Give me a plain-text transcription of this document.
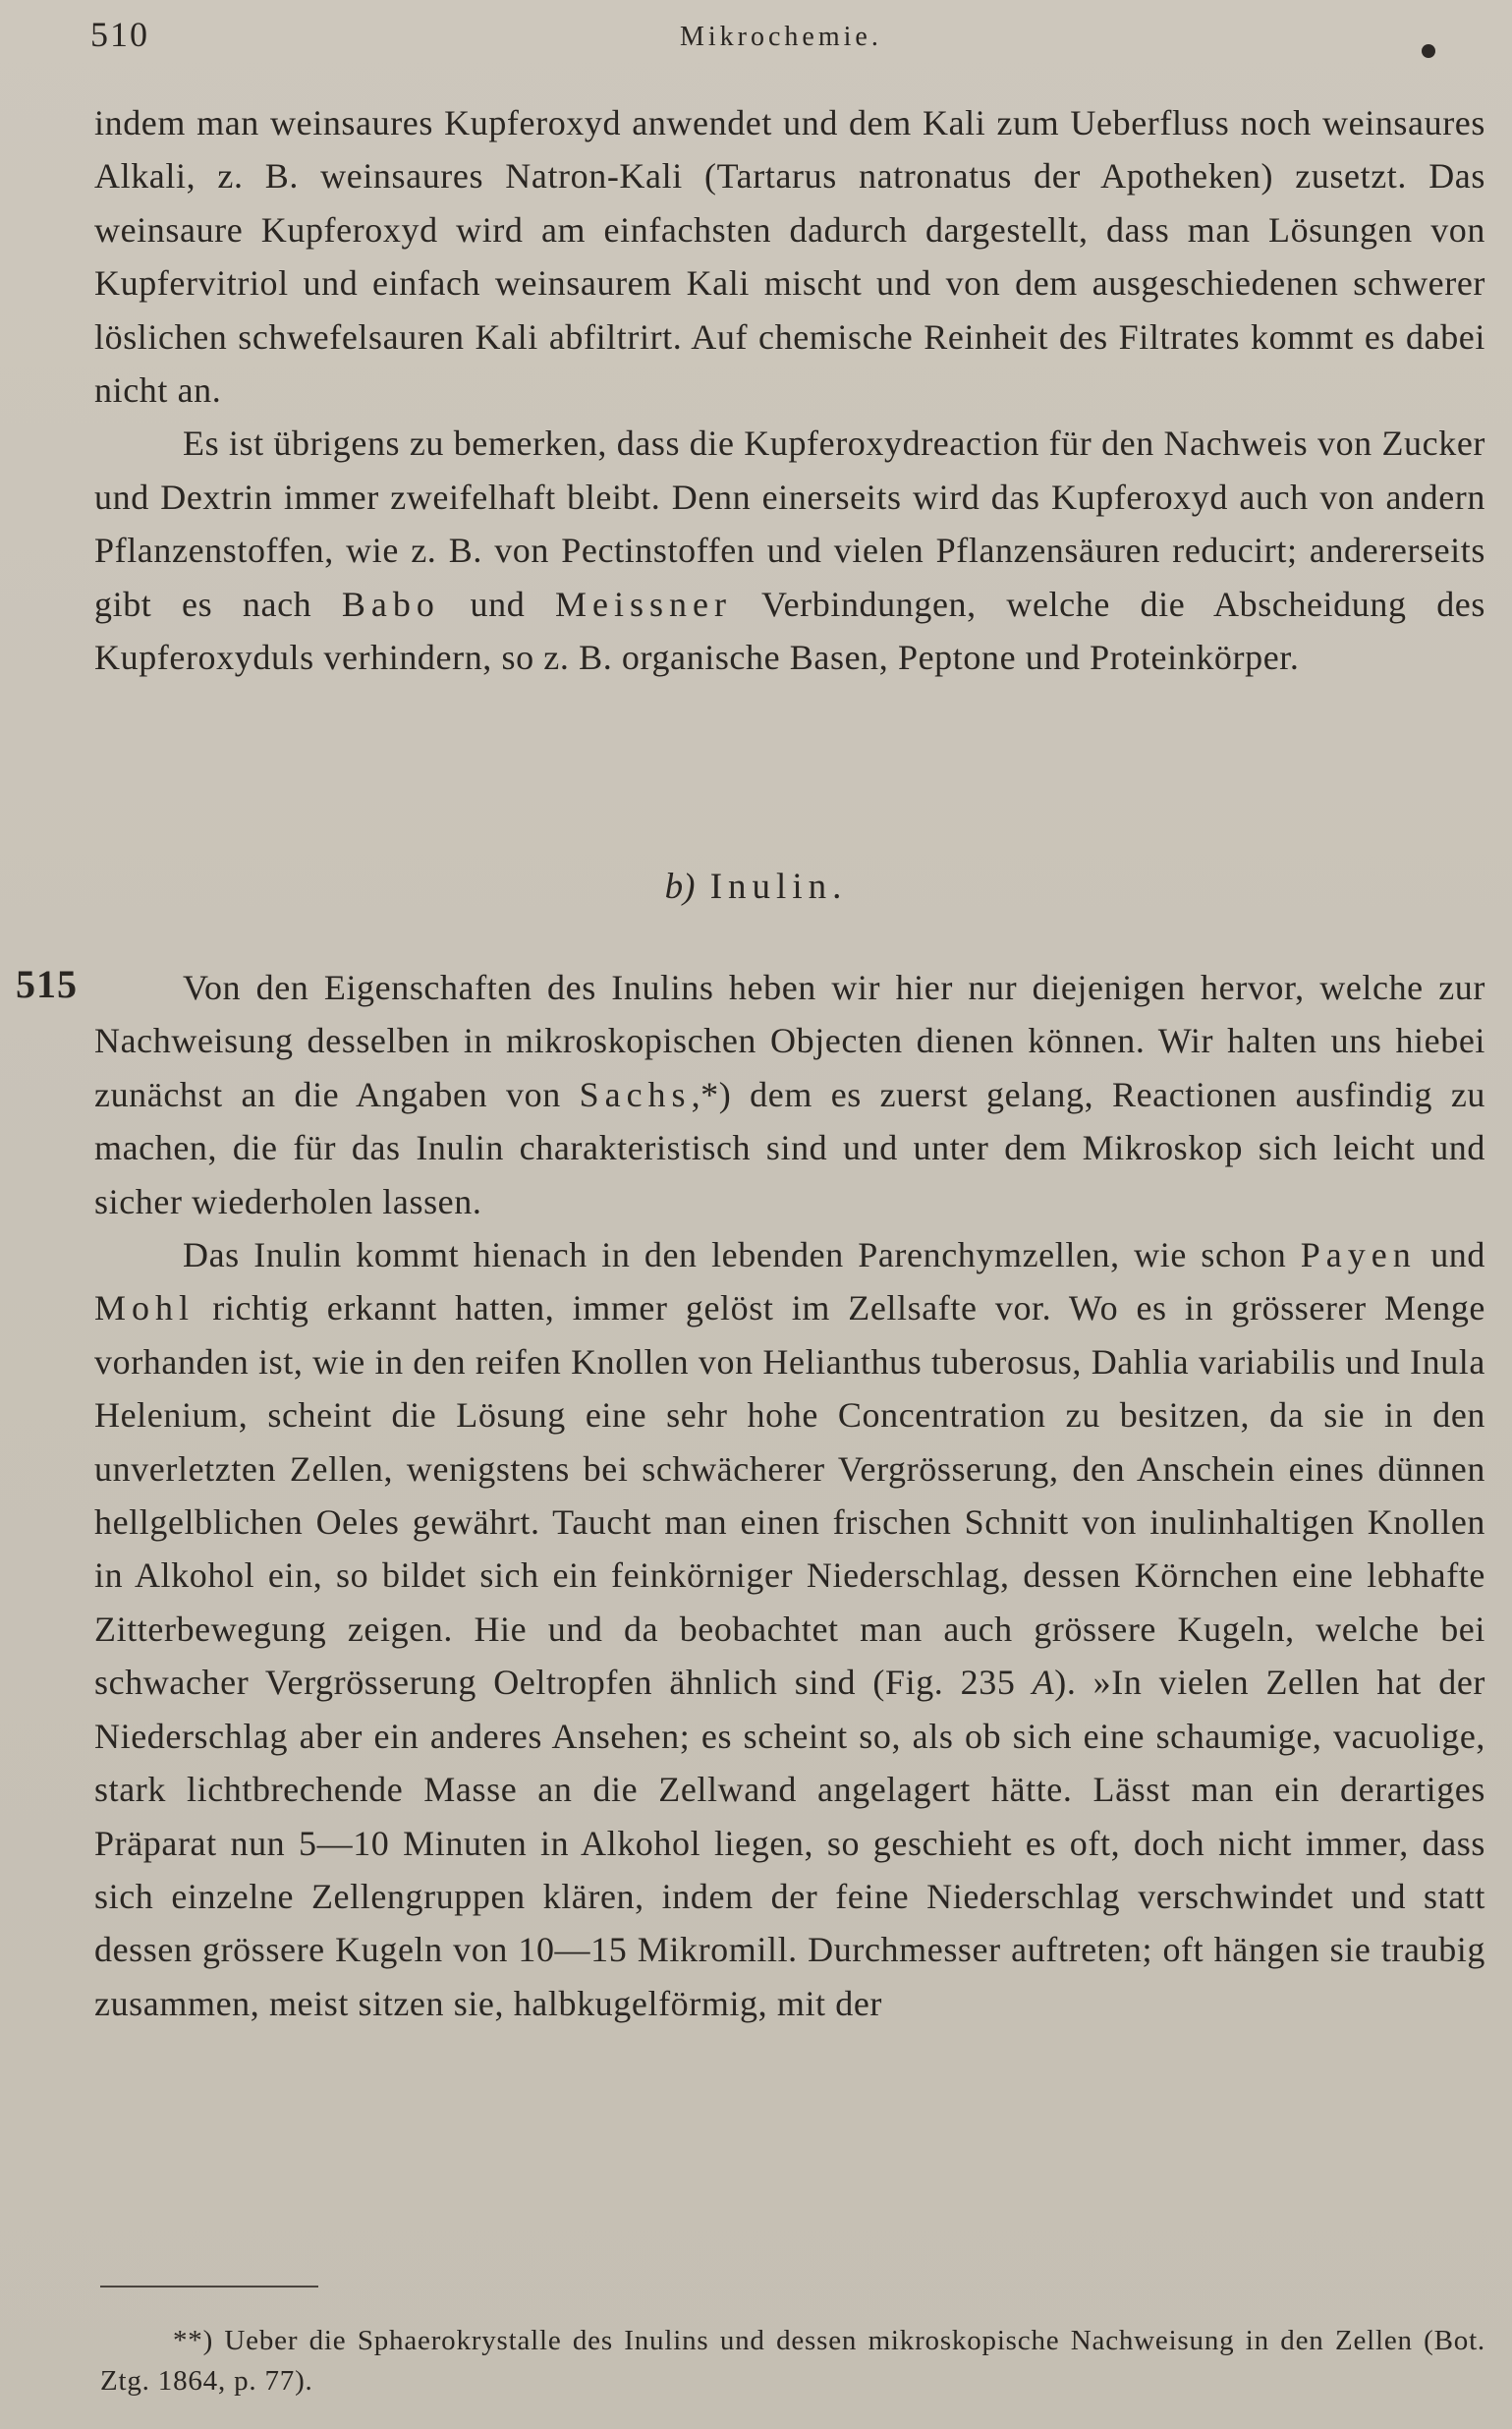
510	Mikrochemie.

indem man weinsaures Kupferoxyd anwendet und dem Kali zum Ueberfluss noch weinsaures Alkali, z. B. weinsaures Natron-Kali (Tartarus natronatus der Apotheken) zusetzt. Das weinsaure Kupferoxyd wird am einfachsten dadurch dargestellt, dass man Lösungen von Kupfervitriol und einfach weinsaurem Kali mischt und von dem ausgeschiedenen schwerer löslichen schwefelsauren Kali abfiltrirt. Auf chemische Reinheit des Filtrates kommt es dabei nicht an.

Es ist übrigens zu bemerken, dass die Kupferoxydreaction für den Nachweis von Zucker und Dextrin immer zweifelhaft bleibt. Denn einerseits wird das Kupferoxyd auch von andern Pflanzenstoffen, wie z. B. von Pectinstoffen und vielen Pflanzensäuren reducirt; andererseits gibt es nach Babo und Meissner Verbindungen, welche die Abscheidung des Kupferoxyduls verhindern, so z. B. organische Basen, Peptone und Proteinkörper.

b) Inulin.
515	Von den Eigenschaften des Inulins heben wir hier nur diejenigen hervor, welche zur Nachweisung desselben in mikroskopischen Objecten dienen können. Wir halten uns hiebei zunächst an die Angaben von Sachs,*) dem es zuerst gelang, Reactionen ausfindig zu machen, die für das Inulin charakteristisch sind und unter dem Mikroskop sich leicht und sicher wiederholen lassen.

Das Inulin kommt hienach in den lebenden Parenchymzellen, wie schon Payen und Mohl richtig erkannt hatten, immer gelöst im Zellsafte vor. Wo es in grösserer Menge vorhanden ist, wie in den reifen Knollen von Helianthus tuberosus, Dahlia variabilis und Inula Helenium, scheint die Lösung eine sehr hohe Concentration zu besitzen, da sie in den unverletzten Zellen, wenigstens bei schwächerer Vergrösserung, den Anschein eines dünnen hellgelblichen Oeles gewährt. Taucht man einen frischen Schnitt von inulinhaltigen Knollen in Alkohol ein, so bildet sich ein feinkörniger Niederschlag, dessen Körnchen eine lebhafte Zitterbewegung zeigen. Hie und da beobachtet man auch grössere Kugeln, welche bei schwacher Vergrösserung Oeltropfen ähnlich sind (Fig. 235 A). »In vielen Zellen hat der Niederschlag aber ein anderes Ansehen; es scheint so, als ob sich eine schaumige, vacuolige, stark lichtbrechende Masse an die Zellwand angelagert hätte. Lässt man ein derartiges Präparat nun 5—10 Minuten in Alkohol liegen, so geschieht es oft, doch nicht immer, dass sich einzelne Zellengruppen klären, indem der feine Niederschlag verschwindet und statt dessen grössere Kugeln von 10—15 Mikromill. Durchmesser auftreten; oft hängen sie traubig zusammen, meist sitzen sie, halbkugelförmig, mit der

**) Ueber die Sphaerokrystalle des Inulins und dessen mikroskopische Nachweisung in den Zellen (Bot. Ztg. 1864, p. 77).
